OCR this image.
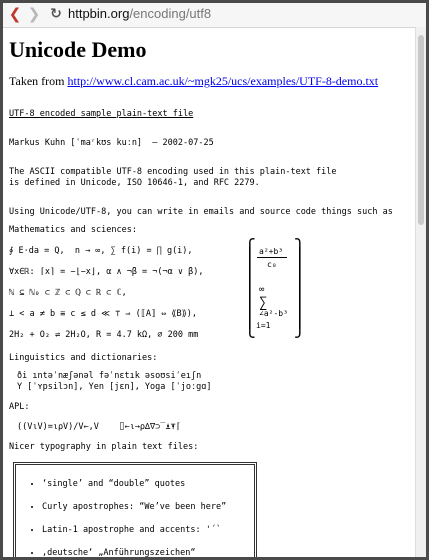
❮ ❯ ↻ httpbin.org/encoding/utf8
Unicode Demo

Taken from http://www.cl.cam.ac.uk/~mgk25/ucs/examples/UTF-8-demo.txt

UTF-8 encoded sample plain-text file

Markus Kuhn [ˈmaʳkʊs kuːn]  — 2002-07-25

The ASCII compatible UTF-8 encoding used in this plain-text file

is defined in Unicode, ISO 10646-1, and RFC 2279.

Using Unicode/UTF-8, you can write in emails and source code things such as

Mathematics and sciences:

∮ E⋅da = Q,  n → ∞, ∑ f(i) = ∏ g(i),

∀x∈ℝ: ⌈x⌉ = −⌊−x⌋, α ∧ ¬β = ¬(¬α ∨ β),

ℕ ⊆ ℕ₀ ⊂ ℤ ⊂ ℚ ⊂ ℝ ⊂ ℂ,

⊥ < a ≠ b ≡ c ≤ d ≪ ⊤ ⇒ (⟦A⟧ ⇔ ⟪B⟫),

2H₂ + O₂ ⇌ 2H₂O, R = 4.7 kΩ, ⌀ 200 mm

⎧
⎪
⎪
⎪
⎪
⎪
⎪
⎪
⎪
⎩
⎫
⎪
⎪
⎪
⎪
⎪
⎪
⎪
⎪
⎭
a²+b³
c₀
∞
∑
∠a²-b³
i=1

Linguistics and dictionaries:

ði ıntəˈnæʃənəl fəˈnɛtık əsoʊsiˈeıʃn

Y [ˈʏpsilɔn], Yen [jɛn], Yoga [ˈjoːgɑ]

APL:

((V⍳V)=⍳⍴V)/V←,V    ⌷←⍳→⍴∆∇⊃‾⍎⍕⌈

Nicer typography in plain text files:

• ‘single’ and “double” quotes
• Curly apostrophes: “We’ve been here”
• Latin-1 apostrophe and accents: '´`
• ‚deutsche‘ „Anführungszeichen“
